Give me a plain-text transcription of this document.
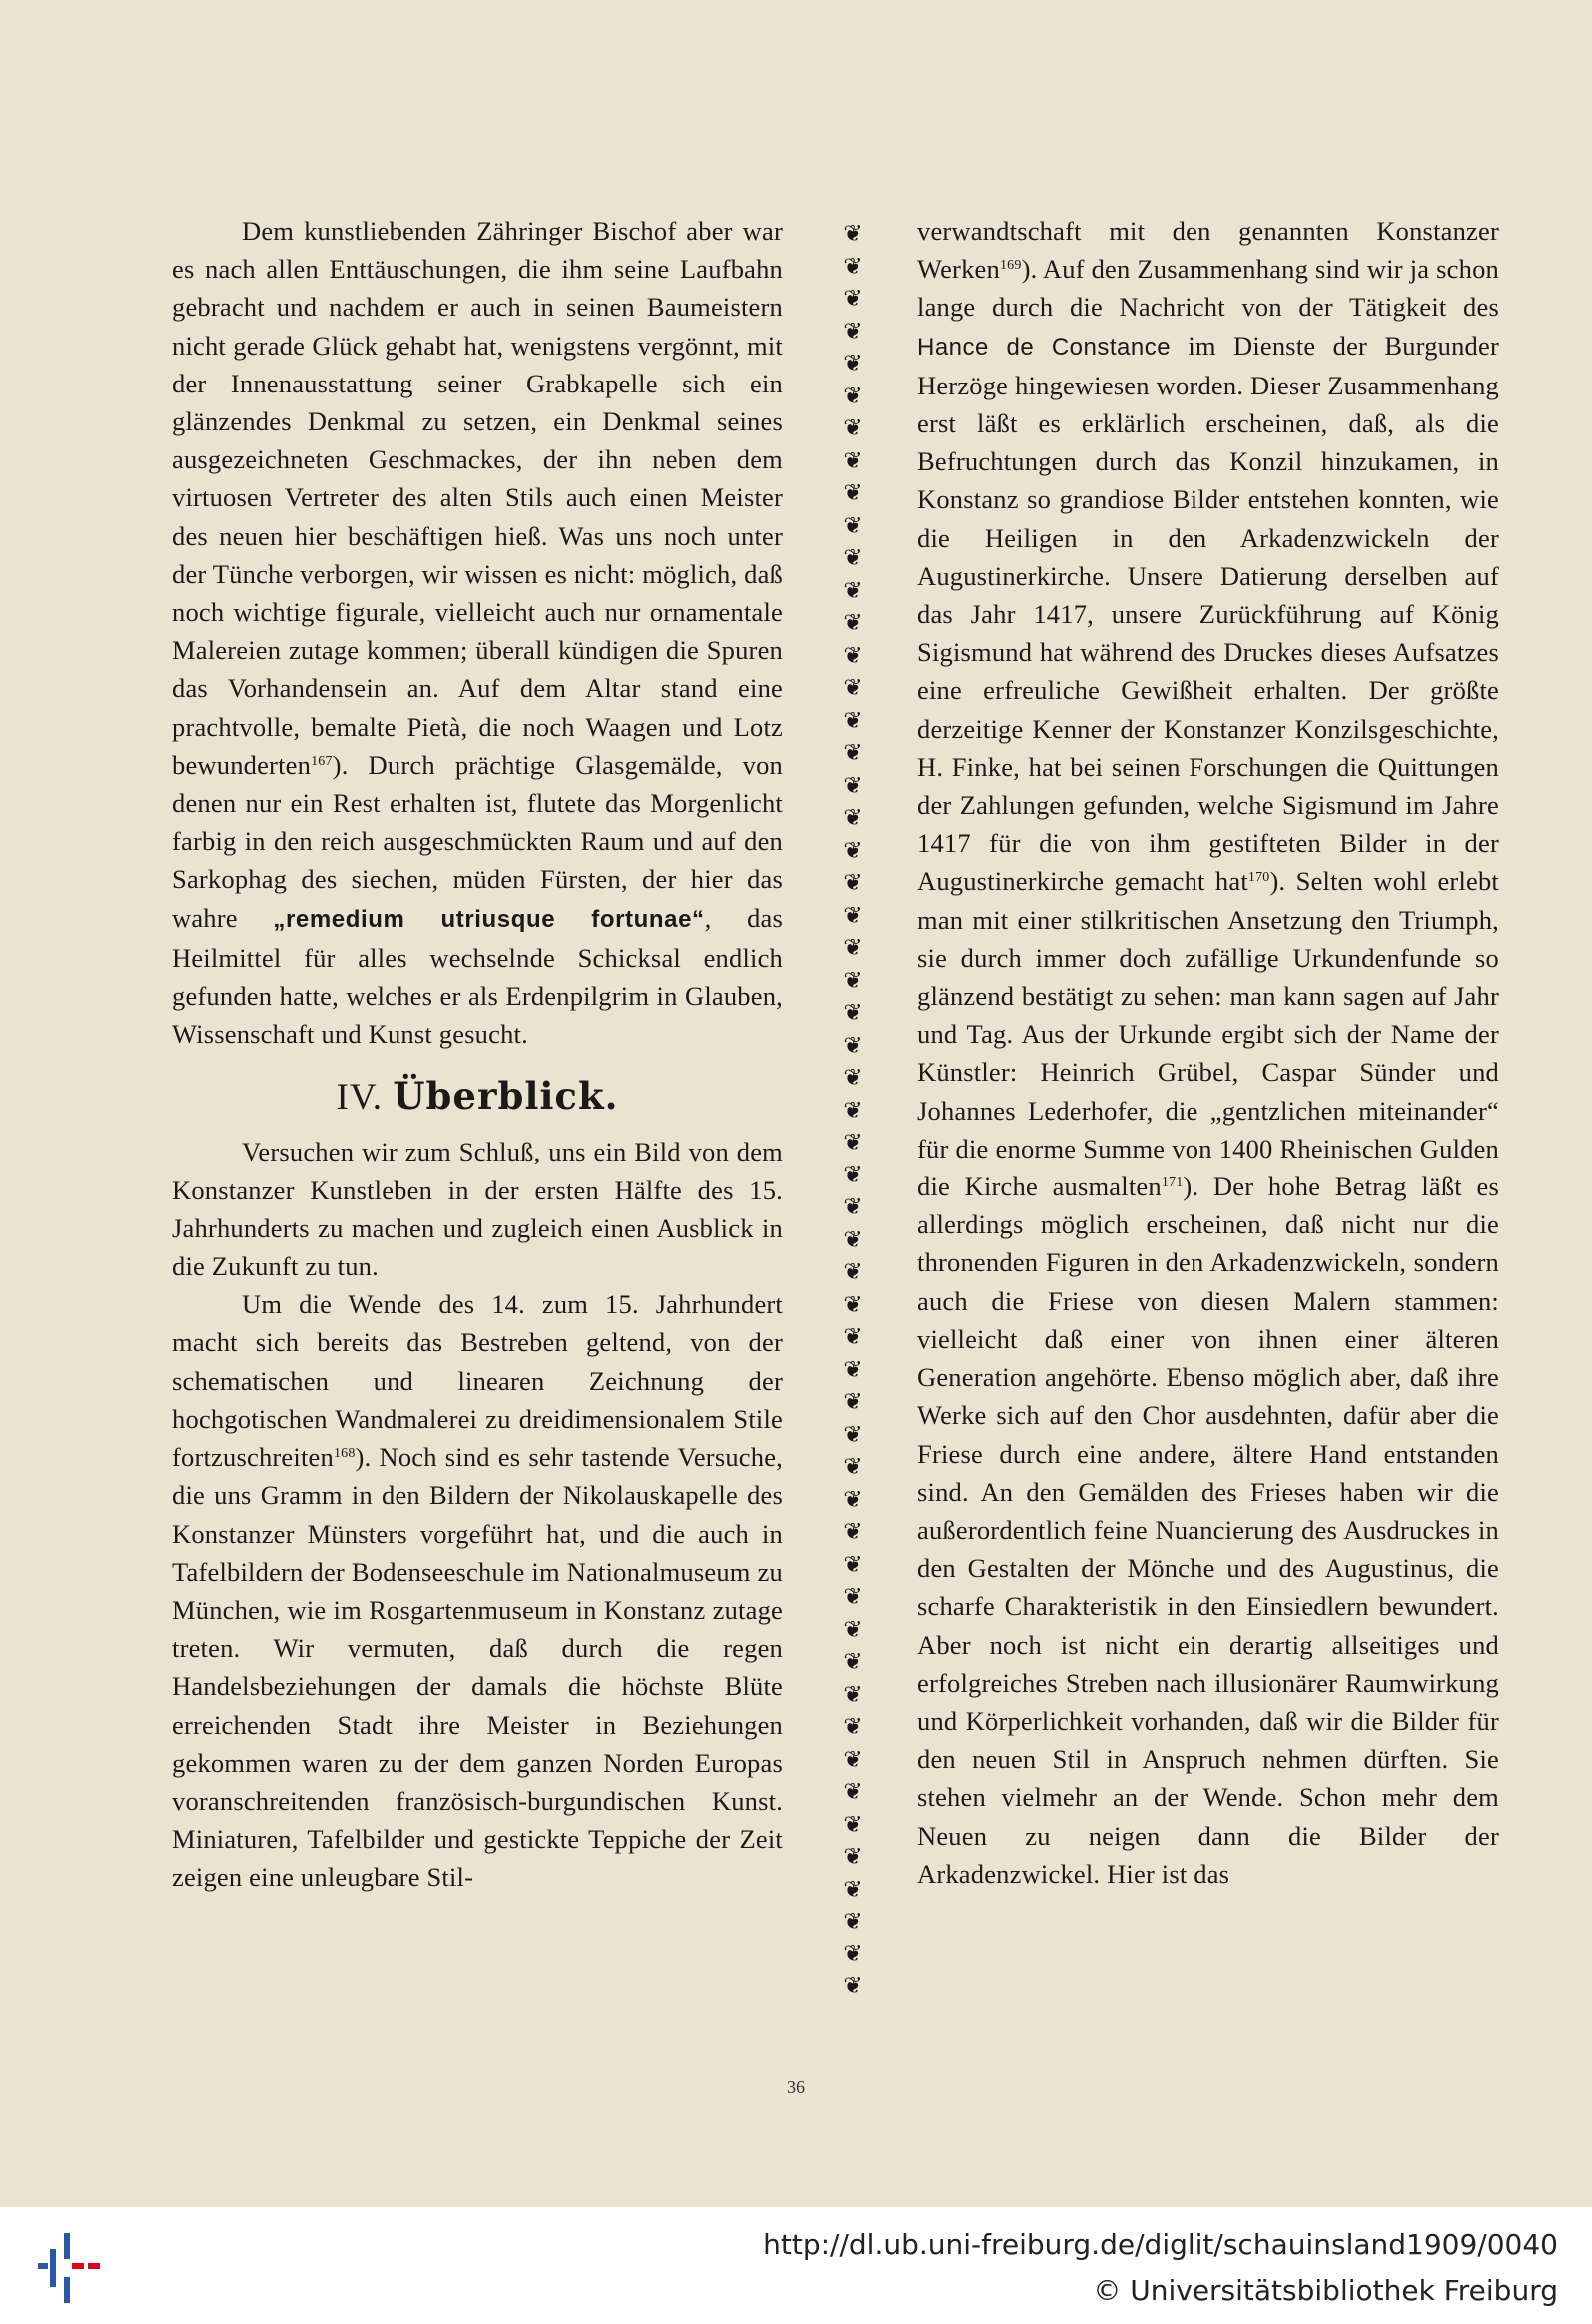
Dem kunstliebenden Zähringer Bischof aber war es nach allen Enttäuschungen, die ihm seine Laufbahn gebracht und nachdem er auch in seinen Baumeistern nicht gerade Glück gehabt hat, wenigstens vergönnt, mit der Innenausstattung seiner Grabkapelle sich ein glänzendes Denkmal zu setzen, ein Denkmal seines ausgezeichneten Geschmackes, der ihn neben dem virtuosen Vertreter des alten Stils auch einen Meister des neuen hier beschäftigen hieß. Was uns noch unter der Tünche verborgen, wir wissen es nicht: möglich, daß noch wichtige figurale, vielleicht auch nur ornamentale Malereien zutage kommen; überall kündigen die Spuren das Vorhandensein an. Auf dem Altar stand eine prachtvolle, bemalte Pietà, die noch Waagen und Lotz bewunderten$^{167}$). Durch prächtige Glasgemälde, von denen nur ein Rest erhalten ist, flutete das Morgenlicht farbig in den reich ausgeschmückten Raum und auf den Sarkophag des siechen, müden Fürsten, der hier das wahre „remedium utriusque fortunae“, das Heilmittel für alles wechselnde Schicksal endlich gefunden hatte, welches er als Erdenpilgrim in Glauben, Wissenschaft und Kunst gesucht.

IV. Überblick.

Versuchen wir zum Schluß, uns ein Bild von dem Konstanzer Kunstleben in der ersten Hälfte des 15. Jahrhunderts zu machen und zugleich einen Ausblick in die Zukunft zu tun.

Um die Wende des 14. zum 15. Jahrhundert macht sich bereits das Bestreben geltend, von der schematischen und linearen Zeichnung der hochgotischen Wandmalerei zu dreidimensionalem Stile fortzuschreiten$^{168}$). Noch sind es sehr tastende Versuche, die uns Gramm in den Bildern der Nikolauskapelle des Konstanzer Münsters vorgeführt hat, und die auch in Tafelbildern der Bodenseeschule im Nationalmuseum zu München, wie im Rosgartenmuseum in Konstanz zutage treten. Wir vermuten, daß durch die regen Handelsbeziehungen der damals die höchste Blüte erreichenden Stadt ihre Meister in Beziehungen gekommen waren zu der dem ganzen Norden Europas voranschreitenden französisch-burgundischen Kunst. Miniaturen, Tafelbilder und gestickte Teppiche der Zeit zeigen eine unleugbare Stil-

❦
❦
❦
❦
❦
❦
❦
❦
❦
❦
❦
❦
❦
❦
❦
❦
❦
❦
❦
❦
❦
❦
❦
❦
❦
❦
❦
❦
❦
❦
❦
❦
❦
❦
❦
❦
❦
❦
❦
❦
❦
❦
❦
❦
❦
❦
❦
❦
❦
❦
❦
❦
❦
❦
❦

verwandtschaft mit den genannten Konstanzer Werken$^{169}$). Auf den Zusammenhang sind wir ja schon lange durch die Nachricht von der Tätigkeit des Hance de Constance im Dienste der Burgunder Herzöge hingewiesen worden. Dieser Zusammenhang erst läßt es erklärlich erscheinen, daß, als die Befruchtungen durch das Konzil hinzukamen, in Konstanz so grandiose Bilder entstehen konnten, wie die Heiligen in den Arkadenzwickeln der Augustinerkirche. Unsere Datierung derselben auf das Jahr 1417, unsere Zurückführung auf König Sigismund hat während des Druckes dieses Aufsatzes eine erfreuliche Gewißheit erhalten. Der größte derzeitige Kenner der Konstanzer Konzilsgeschichte, H. Finke, hat bei seinen Forschungen die Quittungen der Zahlungen gefunden, welche Sigismund im Jahre 1417 für die von ihm gestifteten Bilder in der Augustinerkirche gemacht hat$^{170}$). Selten wohl erlebt man mit einer stilkritischen Ansetzung den Triumph, sie durch immer doch zufällige Urkundenfunde so glänzend bestätigt zu sehen: man kann sagen auf Jahr und Tag. Aus der Urkunde ergibt sich der Name der Künstler: Heinrich Grübel, Caspar Sünder und Johannes Lederhofer, die „gentzlichen miteinander“ für die enorme Summe von 1400 Rheinischen Gulden die Kirche ausmalten$^{171}$). Der hohe Betrag läßt es allerdings möglich erscheinen, daß nicht nur die thronenden Figuren in den Arkadenzwickeln, sondern auch die Friese von diesen Malern stammen: vielleicht daß einer von ihnen einer älteren Generation angehörte. Ebenso möglich aber, daß ihre Werke sich auf den Chor ausdehnten, dafür aber die Friese durch eine andere, ältere Hand entstanden sind. An den Gemälden des Frieses haben wir die außerordentlich feine Nuancierung des Ausdruckes in den Gestalten der Mönche und des Augustinus, die scharfe Charakteristik in den Einsiedlern bewundert. Aber noch ist nicht ein derartig allseitiges und erfolgreiches Streben nach illusionärer Raumwirkung und Körperlichkeit vorhanden, daß wir die Bilder für den neuen Stil in Anspruch nehmen dürften. Sie stehen vielmehr an der Wende. Schon mehr dem Neuen zu neigen dann die Bilder der Arkadenzwickel. Hier ist das

36
http://dl.ub.uni-freiburg.de/diglit/schauinsland1909/0040
© Universitätsbibliothek Freiburg
